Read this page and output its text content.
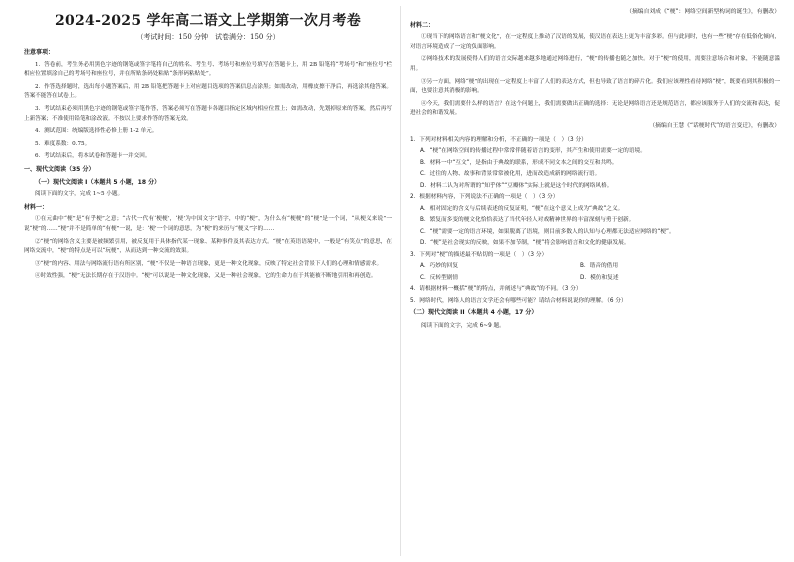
2024-2025 学年高二语文上学期第一次月考卷
（考试时间：150 分钟　试卷满分：150 分）

注意事项：

1．答卷前，考生务必用黑色字迹的钢笔或签字笔将自己的姓名、考生号、考场号和座位号填写在答题卡上，用 2B 铅笔将“考场号”和“座位号”栏相应位置填涂自己的考场号和座位号，并在所贴条码处粘贴“条形码粘贴处”。

2．作答选择题时，选出每小题答案后，用 2B 铅笔把答题卡上对应题目选项的答案信息点涂黑；如需改动，用橡皮擦干净后，再选涂其他答案。答案不能答在试卷上。

3．考试结束必须用黑色字迹的钢笔或签字笔作答，答案必须写在答题卡各题目指定区域内相应位置上；如需改动，先划掉原来的答案，然后再写上新答案；不准使用铅笔和涂改液。不按以上要求作答的答案无效。

4．测试范围：统编版选择性必修上册 1-2 单元。

5．难度系数：0.75。

6．考试结束后，将本试卷和答题卡一并交回。

一、现代文阅读（35 分）

（一）现代文阅读 I（本题共 5 小题，18 分）

阅读下面的文字，完成 1~5 小题。

材料一：

①在元曲中“梗”是“有乎梗”之意；“古代一代有‘梗梗’，‘梗’为中国文字”语字，中的“梗”，为什么有“梗梗”的“梗”是一个词，“从梗义来说”一说“梗”的……“梗”并不是简单的“有梗”一说，是：‘梗’一个词的意思，为“梗”的来历与“梗义”字的……

②“梗”的网络含义主要是被频繁引用，被反复用于具体指代某一现象、某种事件及其表达方式。“梗”在英语语境中，一般是“有笑点”的意思，在网络交流中，“梗”的特点是可以“玩梗”，从而达到一种交流的效果。

③“梗”的内容、用法与网络流行语有所区别，“梗”不仅是一种语言现象，更是一种文化现象，反映了特定社会背景下人们的心理和情感需求。

④时效性强，“梗”无法长期存在于汉语中。“梗”可以说是一种文化现象，又是一种社会现象，它的生命力在于其能被不断地引用和再创造。

（摘编自刘成《“梗”：网络空间新型构词的诞生》，有删改）

材料二：

①现当下的网络语言和“梗文化”，在一定程度上推动了汉语的发展，使汉语在表达上更为丰富多彩。但与此同时，也有一些“梗”存在低俗化倾向，对语言环境造成了一定的负面影响。

②网络技术的发展使得人们的语言交际越来越多地通过网络进行，“梗”的传播也随之加快。对于“梗”的使用，需要注意场合和对象，不能随意滥用。

③另一方面，网络“梗”的出现在一定程度上丰富了人们的表达方式，但也导致了语言的碎片化。我们应该理性看待网络“梗”，既要看到其积极的一面，也要注意其消极的影响。

④今天，我们需要什么样的语言？在这个问题上，我们需要做出正确的选择：无论是网络语言还是规范语言，都应该服务于人们的交流和表达，促进社会的和谐发展。

（摘编自王慧《“话梗时代”的语言变迁》，有删改）

1．下列对材料相关内容的理解和分析，不正确的一项是（　）（3 分）

A．“梗”在网络空间的传播过程中常常伴随着语言的变形，其产生和使用需要一定的语境。

B．材料一中“互文”，是指由于典故的联系，形成不同文本之间的交互和共鸣。

C．过往的人物、故事和背景常常被化用，进而改造成新的网络流行语。

D．材料二认为对所谓的“知乎体”“豆瓣体”实际上就是这个时代的网络风格。

2．根据材料内容，下列说法不正确的一项是（　）（3 分）

A．相对固定的含义与后续表述的反复证明，“梗”在这个意义上成为“典故”之义。

B．繁复而多变的梗文化恰恰表达了当代年轻人对戏精神世界的丰富深刻与勇于创新。

C．“梗”需要一定的语言环境，如果脱离了语境，则目前多数人的认知与心理都无法适应网络的“梗”。

D．“梗”是社会现实的反映，如果不加节制，“梗”将会影响语言和文化的健康发展。

3．下列对“梗”的描述最不贴切的一项是（　）（3 分）

A．巧妙的回复	B．谐音的借用
C．反转型剧情	D．模仿和复述

4．请根据材料一概括“梗”的特点，并阐述与“典故”的不同。（3 分）

5．网络时代，网络人的语言文学还会有哪些可能？请结合材料说说你的理解。（6 分）

（二）现代文阅读 II（本题共 4 小题，17 分）

阅读下面的文字，完成 6~9 题。
